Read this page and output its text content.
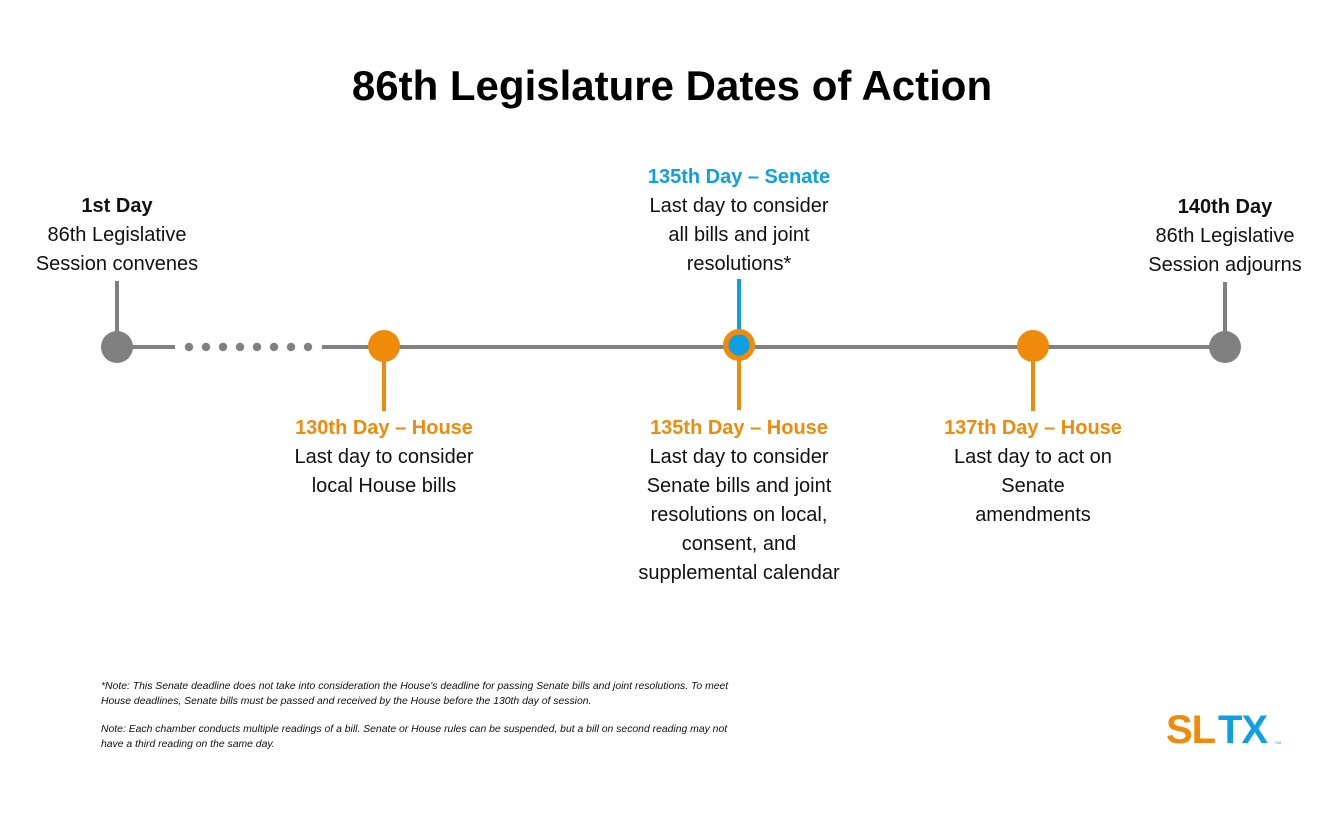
86th Legislature Dates of Action
1st Day
86th Legislative
Session convenes
130th Day – House
Last day to consider
local House bills
135th Day – Senate
Last day to consider
all bills and joint
resolutions*
135th Day – House
Last day to consider
Senate bills and joint
resolutions on local,
consent, and
supplemental calendar
137th Day – House
Last day to act on
Senate
amendments
140th Day
86th Legislative
Session adjourns

*Note: This Senate deadline does not take into consideration the House's deadline for passing Senate bills and joint resolutions. To meet House deadlines, Senate bills must be passed and received by the House before the 130th day of session.

Note: Each chamber conducts multiple readings of a bill. Senate or House rules can be suspended, but a bill on second reading may not have a third reading on the same day.	SL TX	SM
